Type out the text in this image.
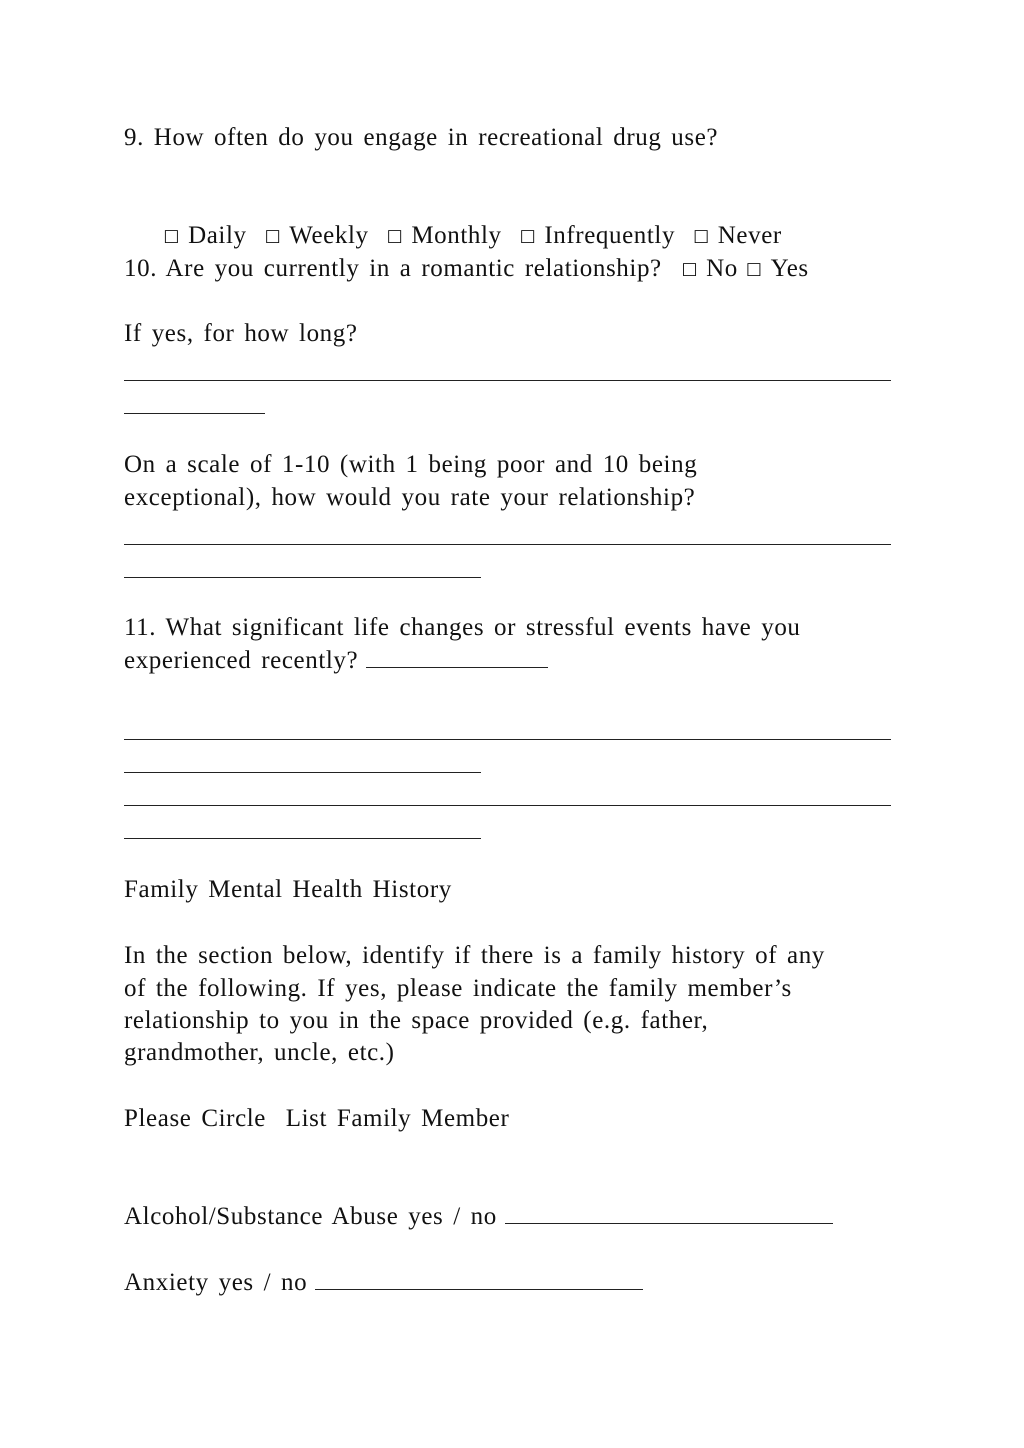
9. How often do you engage in recreational drug use?

□ Daily □ Weekly □ Monthly □ Infrequently □ Never

10. Are you currently in a romantic relationship? □ No □ Yes

If yes, for how long?

On a scale of 1-10 (with 1 being poor and 10 being

exceptional), how would you rate your relationship?

11. What significant life changes or stressful events have you

experienced recently?

Family Mental Health History

In the section below, identify if there is a family history of any

of the following. If yes, please indicate the family member’s

relationship to you in the space provided (e.g. father,

grandmother, uncle, etc.)

Please Circle  List Family Member

Alcohol/Substance Abuse yes / no
Anxiety yes / no
